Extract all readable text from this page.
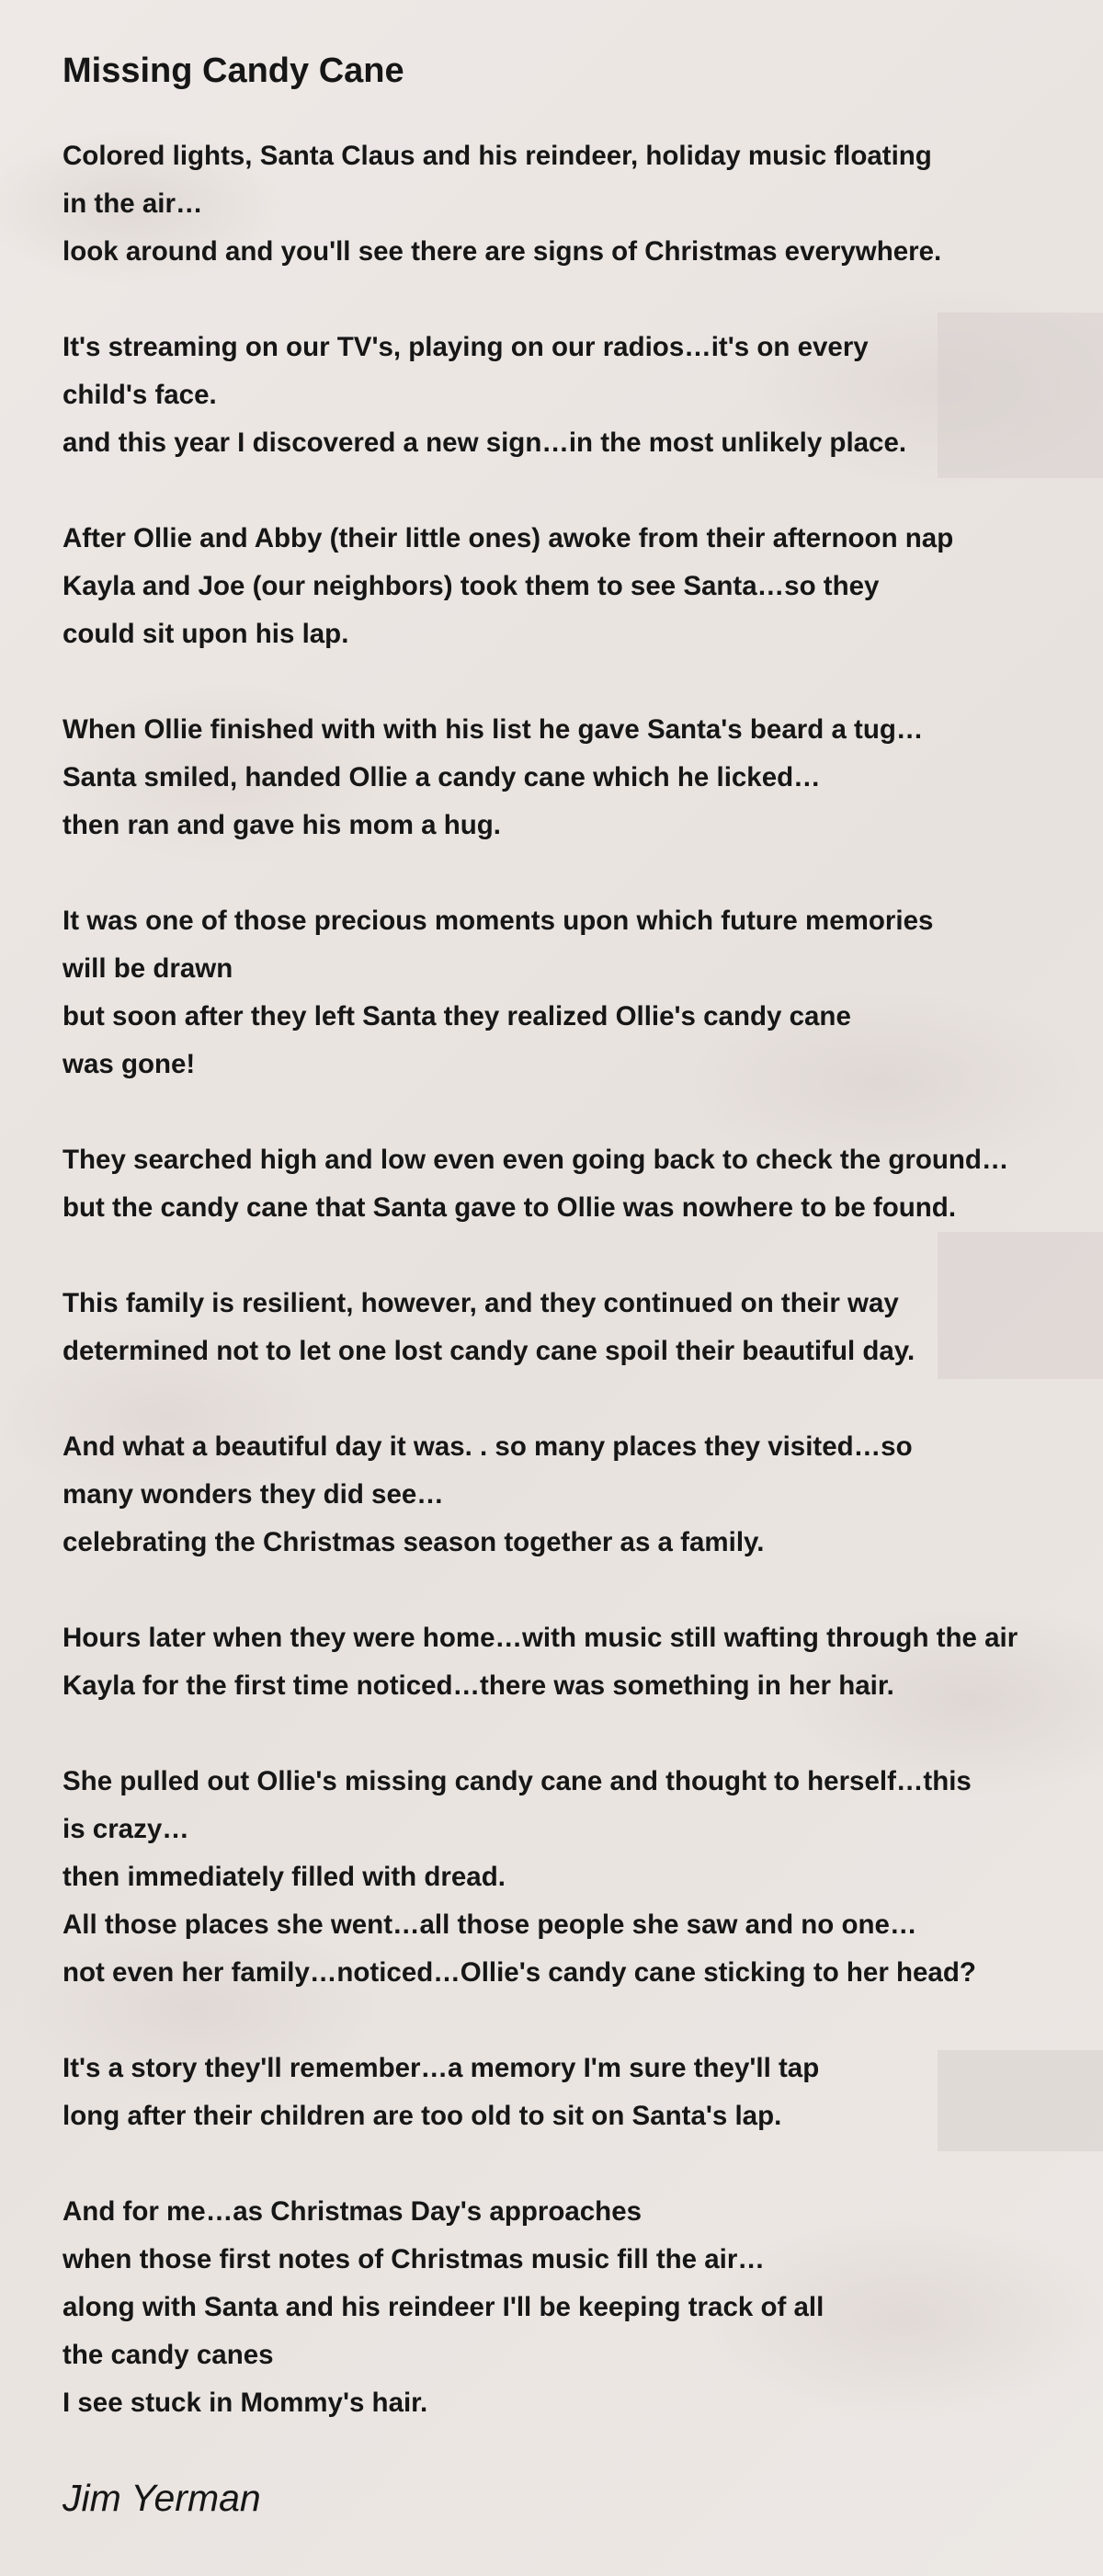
Missing Candy Cane
Colored lights, Santa Claus and his reindeer, holiday music floating
in the air…
look around and you'll see there are signs of Christmas everywhere.
It's streaming on our TV's, playing on our radios…it's on every
child's face.
and this year I discovered a new sign…in the most unlikely place.
After Ollie and Abby (their little ones) awoke from their afternoon nap
Kayla and Joe (our neighbors) took them to see Santa…so they
could sit upon his lap.
When Ollie finished with with his list he gave Santa's beard a tug…
Santa smiled, handed Ollie a candy cane which he licked…
then ran and gave his mom a hug.
It was one of those precious moments upon which future memories
will be drawn
but soon after they left Santa they realized Ollie's candy cane
was gone!
They searched high and low even even going back to check the ground…
but the candy cane that Santa gave to Ollie was nowhere to be found.
This family is resilient, however, and they continued on their way
determined not to let one lost candy cane spoil their beautiful day.
And what a beautiful day it was. . so many places they visited…so
many wonders they did see…
celebrating the Christmas season together as a family.
Hours later when they were home…with music still wafting through the air
Kayla for the first time noticed…there was something in her hair.
She pulled out Ollie's missing candy cane and thought to herself…this
is crazy…
then immediately filled with dread.
All those places she went…all those people she saw and no one…
not even her family…noticed…Ollie's candy cane sticking to her head?
It's a story they'll remember…a memory I'm sure they'll tap
long after their children are too old to sit on Santa's lap.
And for me…as Christmas Day's approaches
when those first notes of Christmas music fill the air…
along with Santa and his reindeer I'll be keeping track of all
the candy canes
I see stuck in Mommy's hair.
Jim Yerman
